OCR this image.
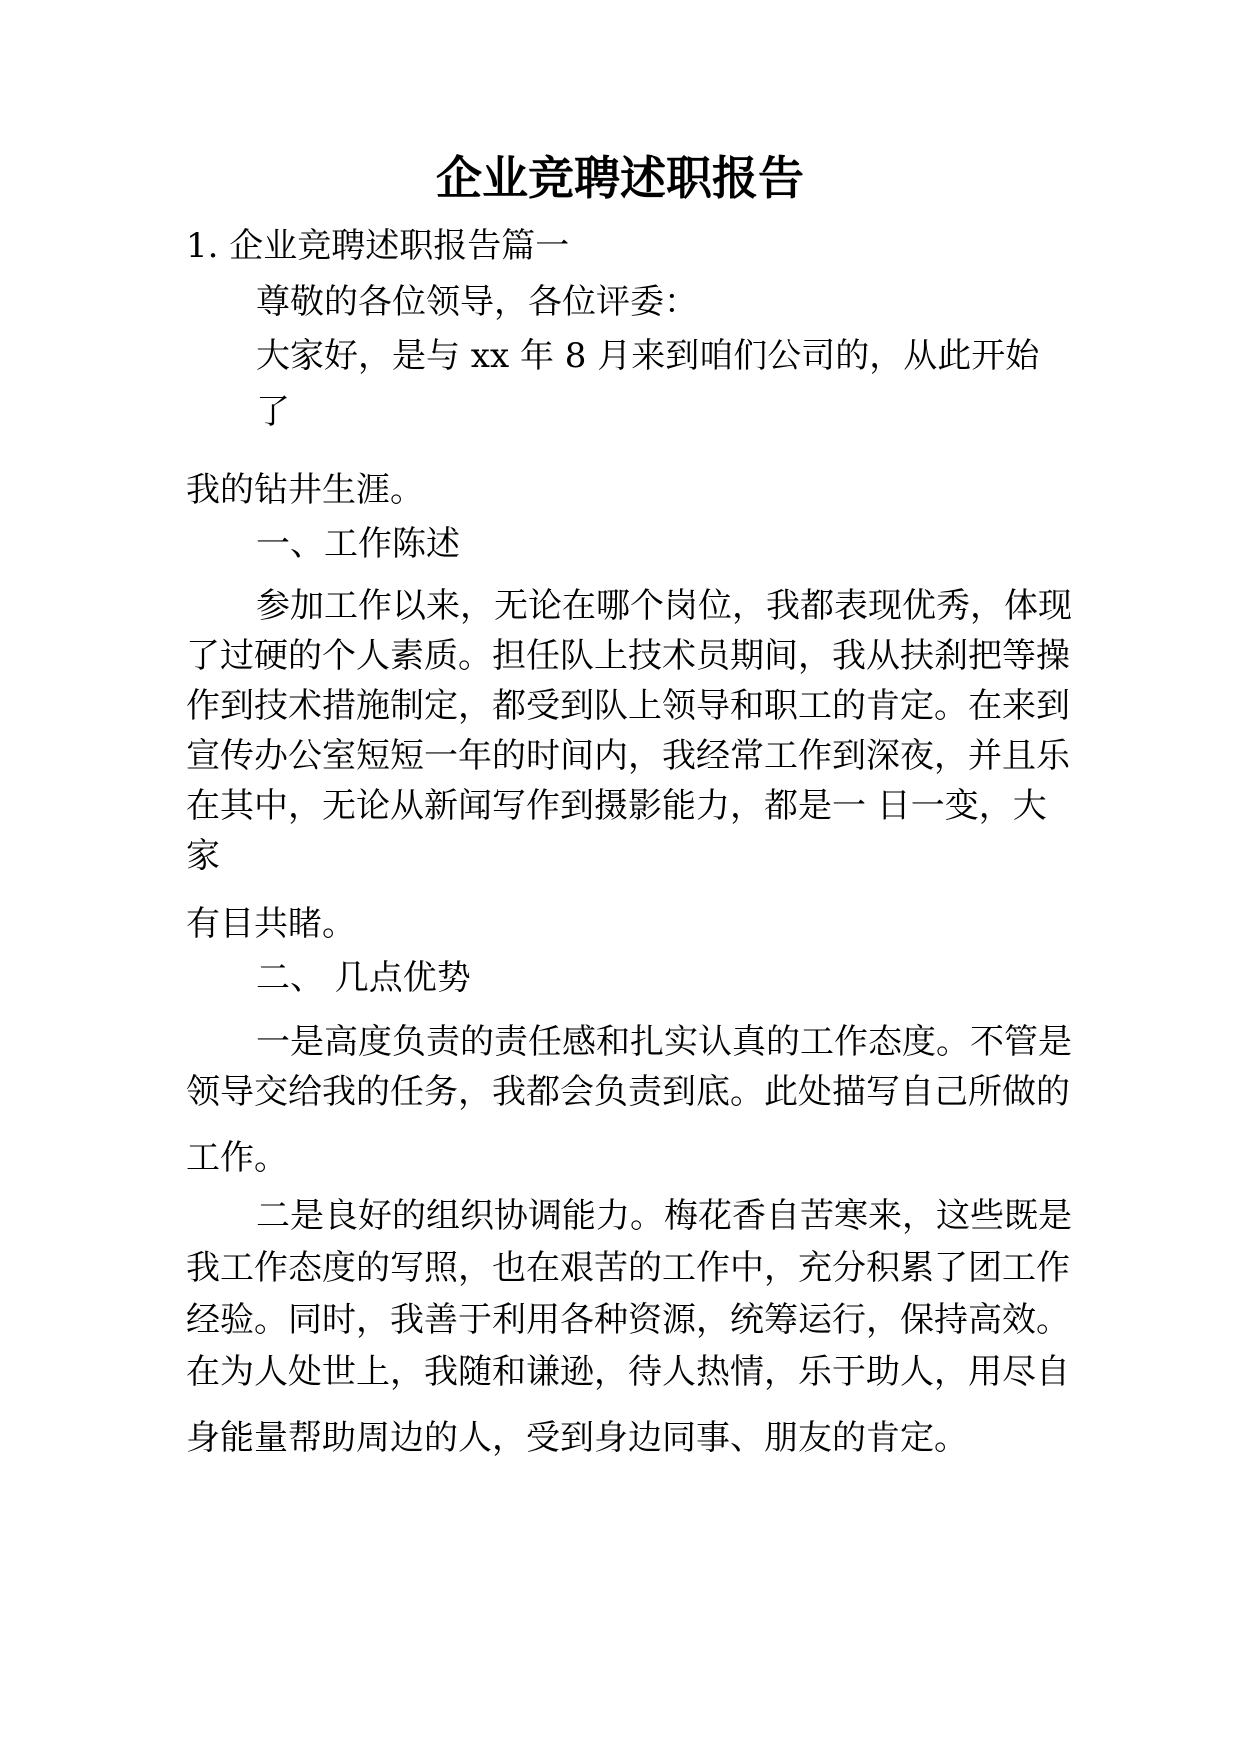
企业竞聘述职报告
1. 企业竞聘述职报告篇一
尊敬的各位领导，各位评委：
大家好，是与 xx 年 8 月来到咱们公司的，从此开始
了
我的钻井生涯。
一、工作陈述
参加工作以来，无论在哪个岗位，我都表现优秀，体现
了过硬的个人素质。担任队上技术员期间，我从扶刹把等操
作到技术措施制定，都受到队上领导和职工的肯定。在来到
宣传办公室短短一年的时间内，我经常工作到深夜，并且乐
在其中，无论从新闻写作到摄影能力，都是一 日一变，大
家
有目共睹。
二、 几点优势
一是高度负责的责任感和扎实认真的工作态度。不管是
领导交给我的任务，我都会负责到底。此处描写自己所做的
工作。
二是良好的组织协调能力。梅花香自苦寒来，这些既是
我工作态度的写照，也在艰苦的工作中，充分积累了团工作
经验。同时，我善于利用各种资源，统筹运行，保持高效。
在为人处世上，我随和谦逊，待人热情，乐于助人，用尽自
身能量帮助周边的人，受到身边同事、朋友的肯定。
